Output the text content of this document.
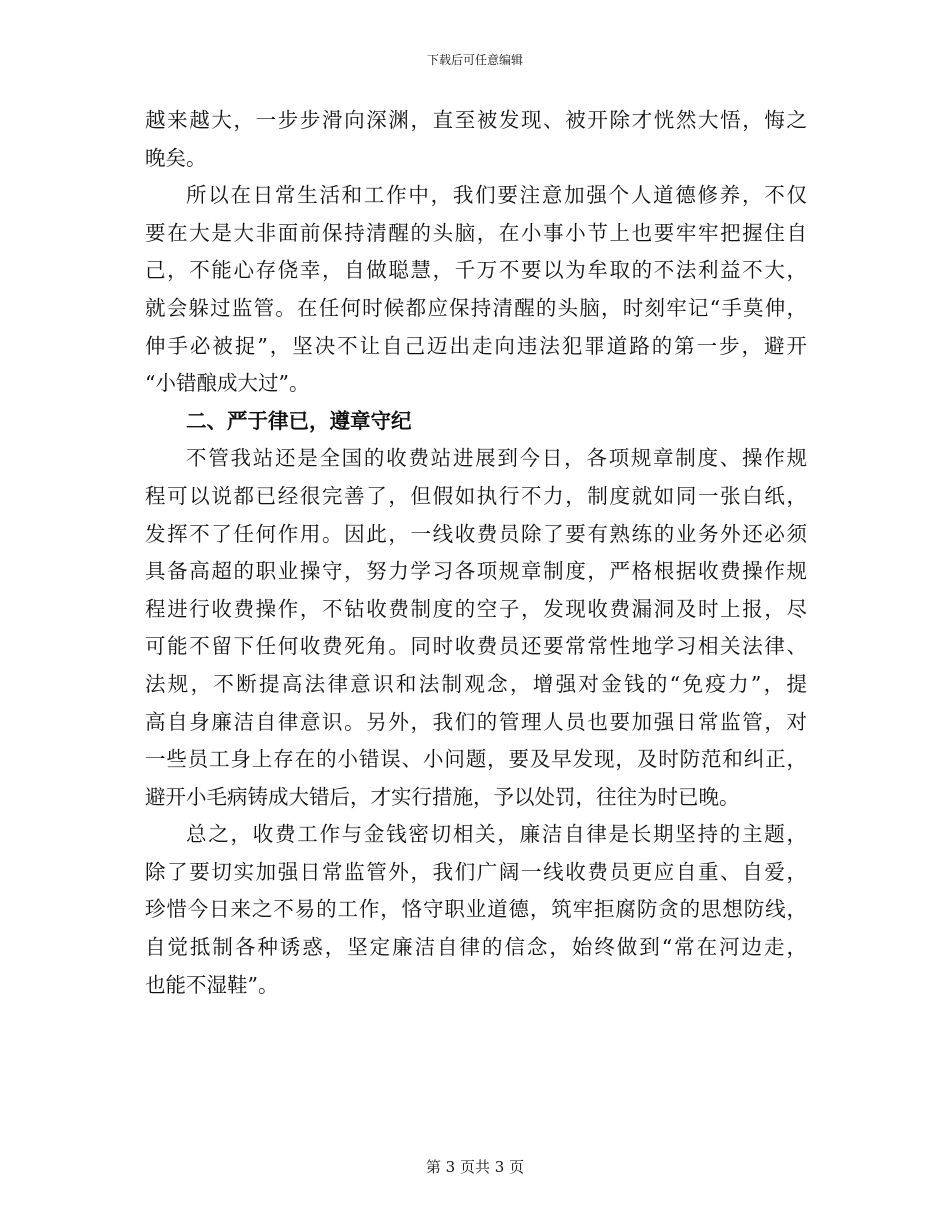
下载后可任意编辑
越来越大，一步步滑向深渊，直至被发现、被开除才恍然大悟，悔之
晚矣。
所以在日常生活和工作中，我们要注意加强个人道德修养，不仅
要在大是大非面前保持清醒的头脑，在小事小节上也要牢牢把握住自
己，不能心存侥幸，自做聪慧，千万不要以为牟取的不法利益不大，
就会躲过监管。在任何时候都应保持清醒的头脑，时刻牢记“手莫伸，
伸手必被捉”，坚决不让自己迈出走向违法犯罪道路的第一步，避开
“小错酿成大过”。
二、严于律已，遵章守纪
不管我站还是全国的收费站进展到今日，各项规章制度、操作规
程可以说都已经很完善了，但假如执行不力，制度就如同一张白纸，
发挥不了任何作用。因此，一线收费员除了要有熟练的业务外还必须
具备高超的职业操守，努力学习各项规章制度，严格根据收费操作规
程进行收费操作，不钻收费制度的空子，发现收费漏洞及时上报，尽
可能不留下任何收费死角。同时收费员还要常常性地学习相关法律、
法规，不断提高法律意识和法制观念，增强对金钱的“免疫力”，提
高自身廉洁自律意识。另外，我们的管理人员也要加强日常监管，对
一些员工身上存在的小错误、小问题，要及早发现，及时防范和纠正，
避开小毛病铸成大错后，才实行措施，予以处罚，往往为时已晚。
总之，收费工作与金钱密切相关，廉洁自律是长期坚持的主题，
除了要切实加强日常监管外，我们广阔一线收费员更应自重、自爱，
珍惜今日来之不易的工作，恪守职业道德，筑牢拒腐防贪的思想防线，
自觉抵制各种诱惑，坚定廉洁自律的信念，始终做到“常在河边走，
也能不湿鞋”。
第 3 页共 3 页
